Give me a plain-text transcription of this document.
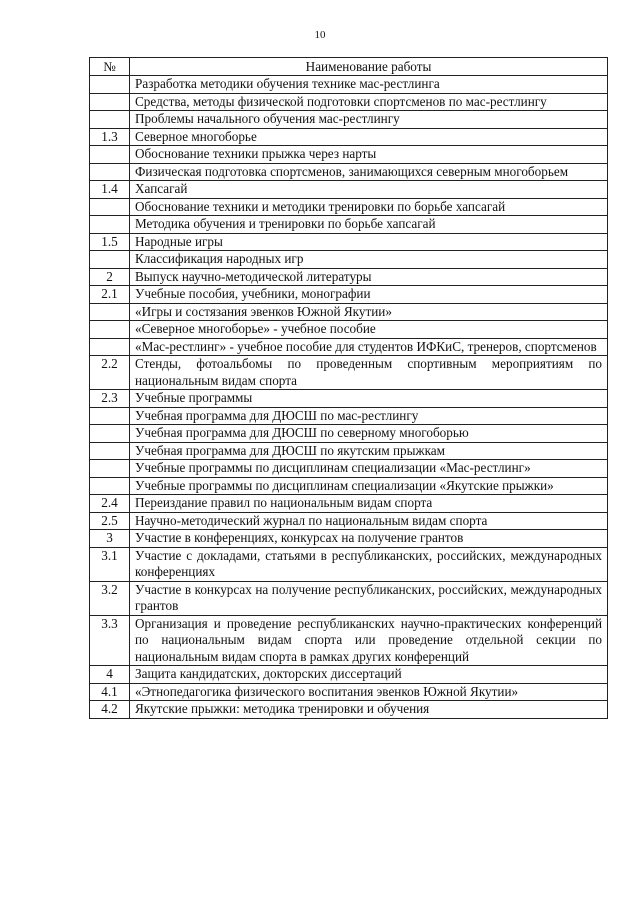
10
№	Наименование работы
	Разработка методики обучения технике мас-рестлинга
	Средства, методы физической подготовки спортсменов по мас-рестлингу
	Проблемы начального обучения мас-рестлингу
1.3	Северное многоборье
	Обоснование техники прыжка через нарты
	Физическая подготовка спортсменов, занимающихся северным многоборьем
1.4	Хапсагай
	Обоснование техники и методики тренировки по борьбе хапсагай
	Методика обучения и тренировки по борьбе хапсагай
1.5	Народные игры
	Классификация народных игр
2	Выпуск научно-методической литературы
2.1	Учебные пособия, учебники, монографии
	«Игры и состязания эвенков Южной Якутии»
	«Северное многоборье» - учебное пособие
	«Мас-рестлинг» - учебное пособие для студентов ИФКиС, тренеров, спортсменов
2.2	Стенды, фотоальбомы по проведенным спортивным мероприятиям по национальным видам спорта
2.3	Учебные программы
	Учебная программа для ДЮСШ по мас-рестлингу
	Учебная программа для ДЮСШ по северному многоборью
	Учебная программа для ДЮСШ по якутским прыжкам
	Учебные программы по дисциплинам специализации «Мас-рестлинг»
	Учебные программы по дисциплинам специализации «Якутские прыжки»
2.4	Переиздание правил по национальным видам спорта
2.5	Научно-методический журнал по национальным видам спорта
3	Участие в конференциях, конкурсах на получение грантов
3.1	Участие с докладами, статьями в республиканских, российских, международных конференциях
3.2	Участие в конкурсах на получение республиканских, российских, международных грантов
3.3	Организация и проведение республиканских научно-практических конференций по национальным видам спорта или проведение отдельной секции по национальным видам спорта в рамках других конференций
4	Защита кандидатских, докторских диссертаций
4.1	«Этнопедагогика физического воспитания эвенков Южной Якутии»
4.2	Якутские прыжки: методика тренировки и обучения
